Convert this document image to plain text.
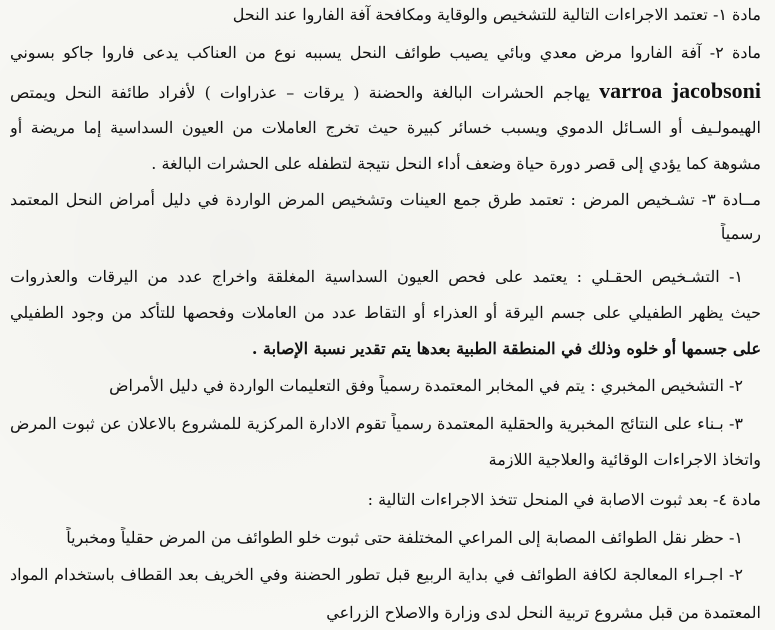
مادة ١- تعتمد الاجراءات التالية للتشخيص والوقاية ومكافحة آفة الفاروا عند النحل
مادة ٢- آفة الفاروا مرض معدي وبائي يصيب طوائف النحل يسببه نوع من العناكب يدعى فاروا جاكو بسوني
varroa jacobsoni يهاجم الحشرات البالغة والحضنة ( يرقات – عذراوات ) لأفراد طائفة النحل ويمتص
الهيمولـيف أو السـائل الدموي ويسبب خسائر كبيرة حيث تخرج العاملات من العيون السداسية إما مريضة أو
مشوهة كما يؤدي إلى قصر دورة حياة وضعف أداء النحل نتيجة لتطفله على الحشرات البالغة .
مــادة ٣- تشـخيص المرض : تعتمد طرق جمع العينات وتشخيص المرض الواردة في دليل أمراض النحل المعتمد
رسمياً
١- التشـخيص الحقـلي : يعتمد على فحص العيون السداسية المغلقة واخراج عدد من اليرقات والعذروات
حيث يظهر الطفيلي على جسم اليرقة أو العذراء أو التقاط عدد من العاملات وفحصها للتأكد من وجود الطفيلي
على جسمها أو خلوه وذلك في المنطقة الطبية بعدها يتم تقدير نسبة الإصابة .
٢- التشخيص المخبري : يتم في المخابر المعتمدة رسمياً وفق التعليمات الواردة في دليل الأمراض
٣- بـناء على النتائج المخبرية والحقلية المعتمدة رسمياً تقوم الادارة المركزية للمشروع بالاعلان عن ثبوت المرض
واتخاذ الاجراءات الوقائية والعلاجية اللازمة
مادة ٤- بعد ثبوت الاصابة في المنحل تتخذ الاجراءات التالية :
١- حظر نقل الطوائف المصابة إلى المراعي المختلفة حتى ثبوت خلو الطوائف من المرض حقلياً ومخبرياً
٢- اجـراء المعالجة لكافة الطوائف في بداية الربيع قبل تطور الحضنة وفي الخريف بعد القطاف باستخدام المواد
المعتمدة من قبل مشروع تربية النحل لدى وزارة والاصلاح الزراعي
